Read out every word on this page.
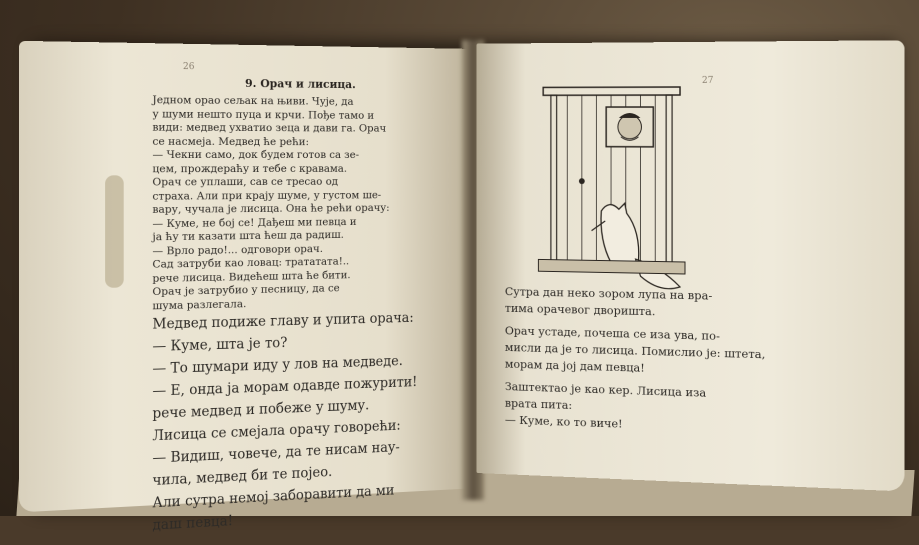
26
9. Орач и лисица.
Једном орао сељак на њиви. Чује, да
у шуми нешто пуца и крчи. Пође тамо и
види: медвед ухватио зеца и дави га. Орач
се насмеја. Медвед ће рећи:
— Чекни само, док будем готов са зе-
цем, прождераћу и тебе с кравама.
Орач се уплаши, сав се тресао од
страха. Али при крају шуме, у густом ше-
вару, чучала је лисица. Она ће рећи орачу:
— Куме, не бој се! Дађеш ми певца и
ја ћу ти казати шта ћеш да радиш.
— Врло радо!... одговори орач.
Сад затруби као ловац: трататата!..
рече лисица. Видећеш шта ће бити.
Орач је затрубио у песницу, да се
шума разлегала.
Медвед подиже главу и упита орача:
— Куме, шта је то?
— То шумари иду у лов на медведе.
— Е, онда ја морам одавде пожурити!
рече медвед и побеже у шуму.
Лисица се смејала орачу говорећи:
— Видиш, човече, да те нисам нау-
чила, медвед би те појео.
Али сутра немој заборавити да ми
даш певца!
27
Сутра дан неко зором лупа на вра-
тима орачевог дворишта.
Орач устаде, почеша се иза ува, по-
мисли да је то лисица. Помислио је: штета,
морам да јој дам певца!
Заштектао је као кер. Лисица иза
врата пита:
— Куме, ко то виче!
